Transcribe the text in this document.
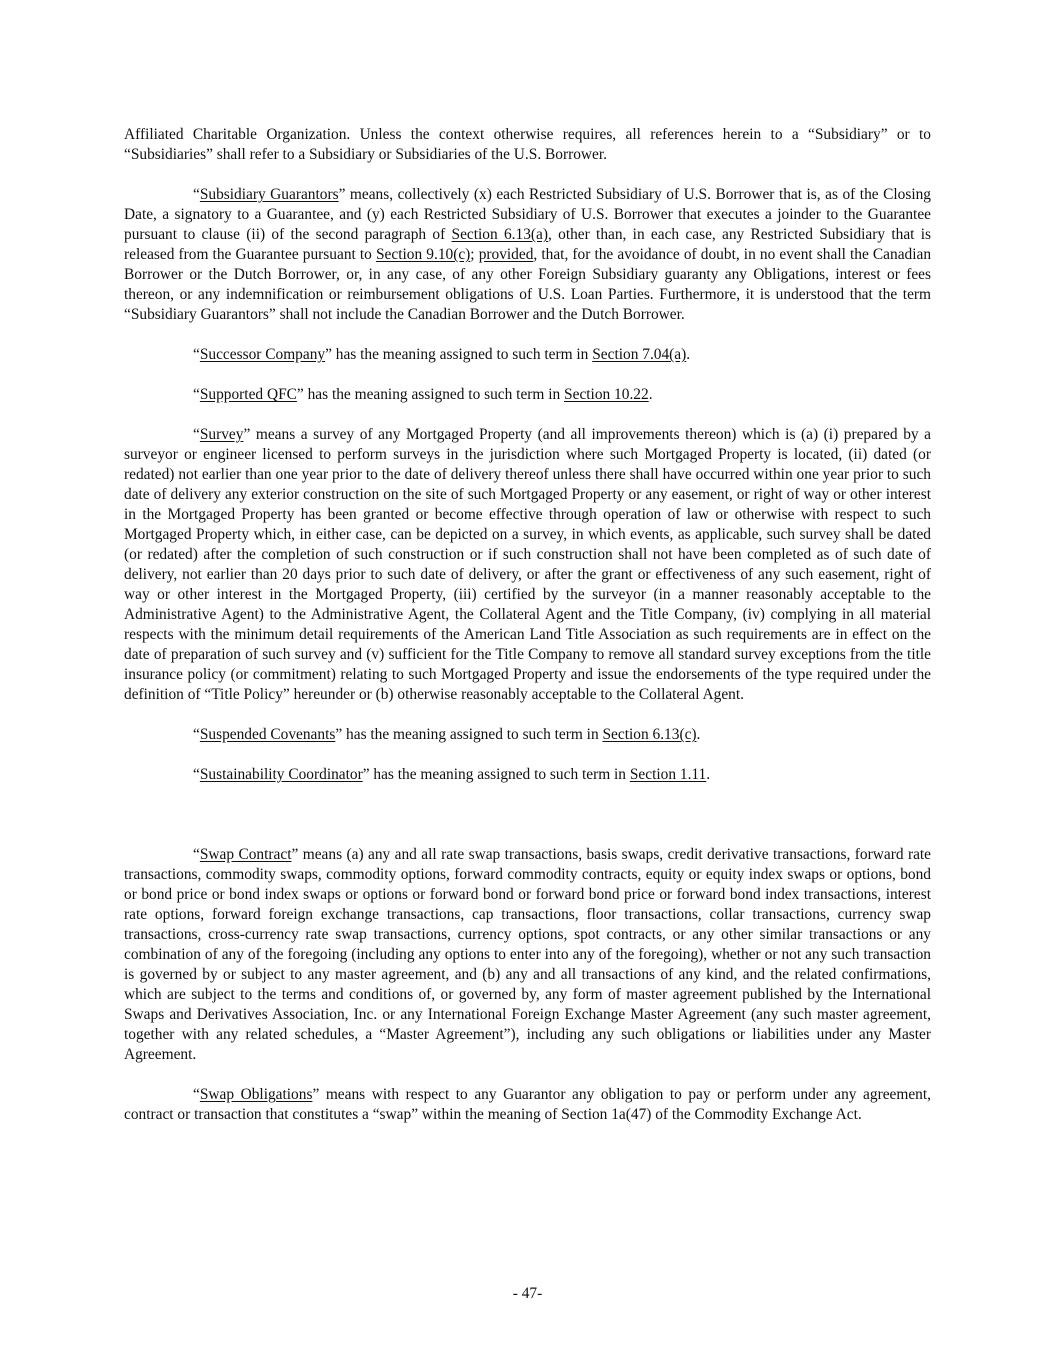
Affiliated Charitable Organization. Unless the context otherwise requires, all references herein to a “Subsidiary” or to “Subsidiaries” shall refer to a Subsidiary or Subsidiaries of the U.S. Borrower.

“Subsidiary Guarantors” means, collectively (x) each Restricted Subsidiary of U.S. Borrower that is, as of the Closing Date, a signatory to a Guarantee, and (y) each Restricted Subsidiary of U.S. Borrower that executes a joinder to the Guarantee pursuant to clause (ii) of the second paragraph of Section 6.13(a), other than, in each case, any Restricted Subsidiary that is released from the Guarantee pursuant to Section 9.10(c); provided, that, for the avoidance of doubt, in no event shall the Canadian Borrower or the Dutch Borrower, or, in any case, of any other Foreign Subsidiary guaranty any Obligations, interest or fees thereon, or any indemnification or reimbursement obligations of U.S. Loan Parties. Furthermore, it is understood that the term “Subsidiary Guarantors” shall not include the Canadian Borrower and the Dutch Borrower.

“Successor Company” has the meaning assigned to such term in Section 7.04(a).

“Supported QFC” has the meaning assigned to such term in Section 10.22.

“Survey” means a survey of any Mortgaged Property (and all improvements thereon) which is (a) (i) prepared by a surveyor or engineer licensed to perform surveys in the jurisdiction where such Mortgaged Property is located, (ii) dated (or redated) not earlier than one year prior to the date of delivery thereof unless there shall have occurred within one year prior to such date of delivery any exterior construction on the site of such Mortgaged Property or any easement, or right of way or other interest in the Mortgaged Property has been granted or become effective through operation of law or otherwise with respect to such Mortgaged Property which, in either case, can be depicted on a survey, in which events, as applicable, such survey shall be dated (or redated) after the completion of such construction or if such construction shall not have been completed as of such date of delivery, not earlier than 20 days prior to such date of delivery, or after the grant or effectiveness of any such easement, right of way or other interest in the Mortgaged Property, (iii) certified by the surveyor (in a manner reasonably acceptable to the Administrative Agent) to the Administrative Agent, the Collateral Agent and the Title Company, (iv) complying in all material respects with the minimum detail requirements of the American Land Title Association as such requirements are in effect on the date of preparation of such survey and (v) sufficient for the Title Company to remove all standard survey exceptions from the title insurance policy (or commitment) relating to such Mortgaged Property and issue the endorsements of the type required under the definition of “Title Policy” hereunder or (b) otherwise reasonably acceptable to the Collateral Agent.

“Suspended Covenants” has the meaning assigned to such term in Section 6.13(c).

“Sustainability Coordinator” has the meaning assigned to such term in Section 1.11.

“Swap Contract” means (a) any and all rate swap transactions, basis swaps, credit derivative transactions, forward rate transactions, commodity swaps, commodity options, forward commodity contracts, equity or equity index swaps or options, bond or bond price or bond index swaps or options or forward bond or forward bond price or forward bond index transactions, interest rate options, forward foreign exchange transactions, cap transactions, floor transactions, collar transactions, currency swap transactions, cross-currency rate swap transactions, currency options, spot contracts, or any other similar transactions or any combination of any of the foregoing (including any options to enter into any of the foregoing), whether or not any such transaction is governed by or subject to any master agreement, and (b) any and all transactions of any kind, and the related confirmations, which are subject to the terms and conditions of, or governed by, any form of master agreement published by the International Swaps and Derivatives Association, Inc. or any International Foreign Exchange Master Agreement (any such master agreement, together with any related schedules, a “Master Agreement”), including any such obligations or liabilities under any Master Agreement.

“Swap Obligations” means with respect to any Guarantor any obligation to pay or perform under any agreement, contract or transaction that constitutes a “swap” within the meaning of Section 1a(47) of the Commodity Exchange Act.

- 47-
